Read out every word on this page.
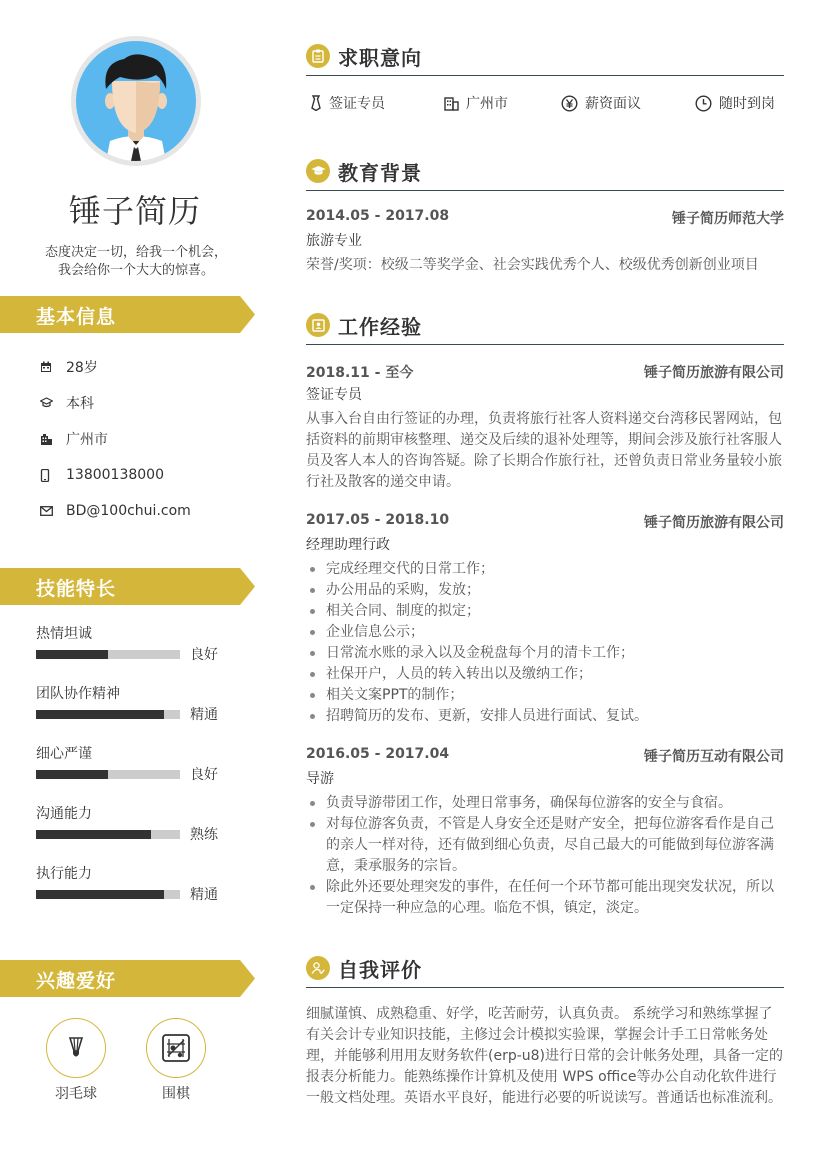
锤子简历
态度决定一切，给我一个机会，
我会给你一个大大的惊喜。
基本信息
28岁
本科
广州市
13800138000
BD@100chui.com
技能特长
热情坦诚
良好
团队协作精神
精通
细心严谨
良好
沟通能力
熟练
执行能力
精通
兴趣爱好
羽毛球	围棋
求职意向
签证专员	广州市	薪资面议	随时到岗
教育背景
2014.05 - 2017.08	锤子简历师范大学
旅游专业
荣誉/奖项：校级二等奖学金、社会实践优秀个人、校级优秀创新创业项目
工作经验
2018.11 - 至今	锤子简历旅游有限公司
签证专员
从事入台自由行签证的办理，负责将旅行社客人资料递交台湾移民署网站，包括资料的前期审核整理、递交及后续的退补处理等，期间会涉及旅行社客服人员及客人本人的咨询答疑。除了长期合作旅行社，还曾负责日常业务量较小旅行社及散客的递交申请。
2017.05 - 2018.10	锤子简历旅游有限公司
经理助理行政
完成经理交代的日常工作；
办公用品的采购，发放；
相关合同、制度的拟定；
企业信息公示；
日常流水账的录入以及金税盘每个月的清卡工作；
社保开户，人员的转入转出以及缴纳工作；
相关文案PPT的制作；
招聘简历的发布、更新，安排人员进行面试、复试。
2016.05 - 2017.04	锤子简历互动有限公司
导游
负责导游带团工作，处理日常事务，确保每位游客的安全与食宿。
对每位游客负责，不管是人身安全还是财产安全，把每位游客看作是自己的亲人一样对待，还有做到细心负责，尽自己最大的可能做到每位游客满意，秉承服务的宗旨。
除此外还要处理突发的事件，在任何一个环节都可能出现突发状况，所以一定保持一种应急的心理。临危不惧，镇定，淡定。
自我评价
细腻谨慎、成熟稳重、好学，吃苦耐劳，认真负责。 系统学习和熟练掌握了有关会计专业知识技能，主修过会计模拟实验课，掌握会计手工日常帐务处理，并能够利用用友财务软件(erp-u8)进行日常的会计帐务处理，具备一定的报表分析能力。能熟练操作计算机及使用 WPS office等办公自动化软件进行一般文档处理。英语水平良好，能进行必要的听说读写。普通话也标准流利。
